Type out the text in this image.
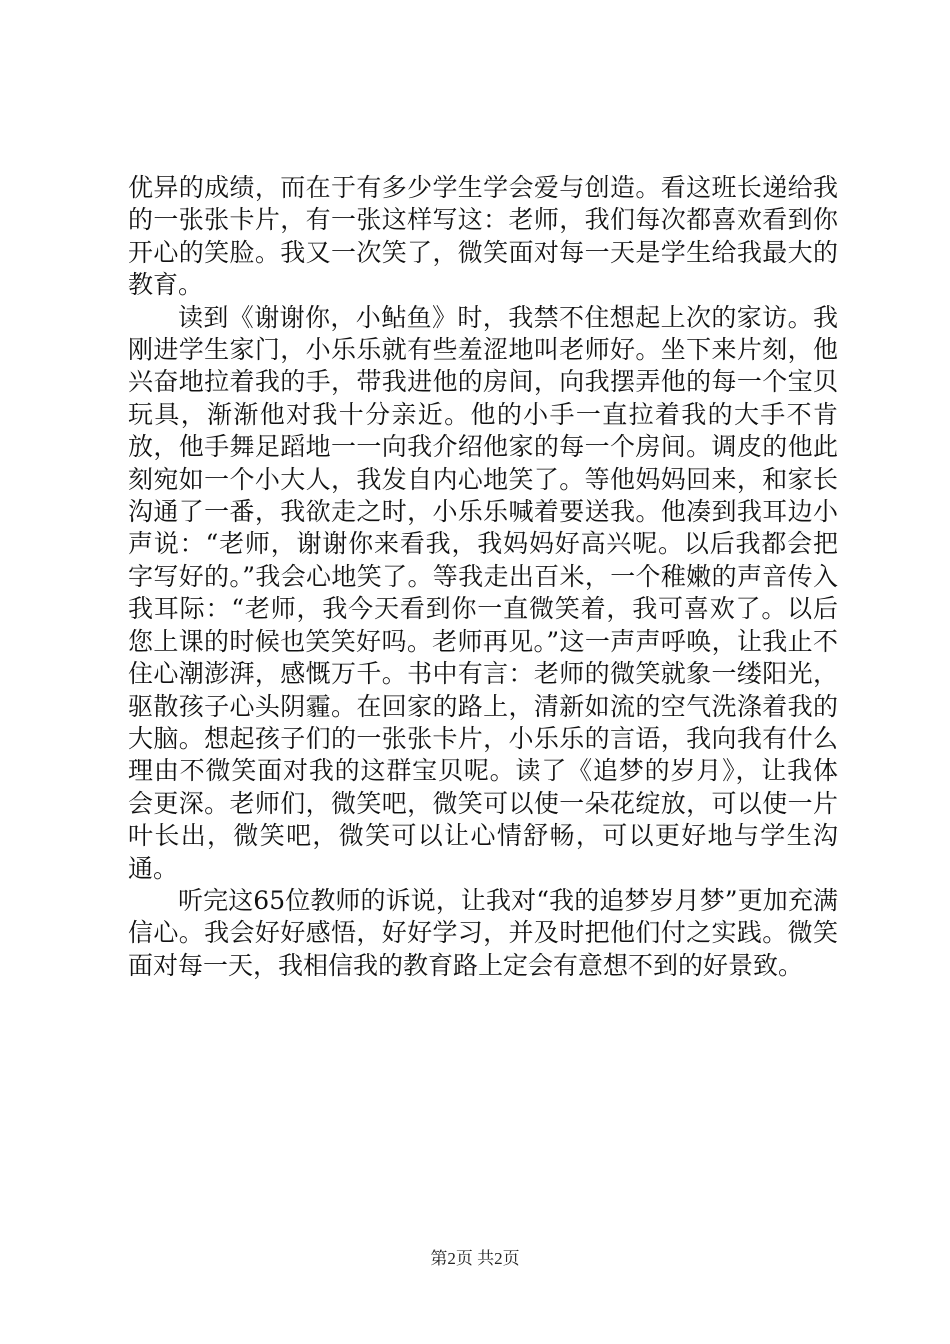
优异的成绩，而在于有多少学生学会爱与创造。看这班长递给我的一张张卡片，有一张这样写这：老师，我们每次都喜欢看到你开心的笑脸。我又一次笑了，微笑面对每一天是学生给我最大的教育。

读到《谢谢你，小鲇鱼》时，我禁不住想起上次的家访。我刚进学生家门，小乐乐就有些羞涩地叫老师好。坐下来片刻，他兴奋地拉着我的手，带我进他的房间，向我摆弄他的每一个宝贝玩具，渐渐他对我十分亲近。他的小手一直拉着我的大手不肯放，他手舞足蹈地一一向我介绍他家的每一个房间。调皮的他此刻宛如一个小大人，我发自内心地笑了。等他妈妈回来，和家长沟通了一番，我欲走之时，小乐乐喊着要送我。他凑到我耳边小声说：“老师，谢谢你来看我，我妈妈好高兴呢。以后我都会把字写好的。”我会心地笑了。等我走出百米，一个稚嫩的声音传入我耳际：“老师，我今天看到你一直微笑着，我可喜欢了。以后您上课的时候也笑笑好吗。老师再见。”这一声声呼唤，让我止不住心潮澎湃，感慨万千。书中有言：老师的微笑就象一缕阳光，驱散孩子心头阴霾。在回家的路上，清新如流的空气洗涤着我的大脑。想起孩子们的一张张卡片，小乐乐的言语，我向我有什么理由不微笑面对我的这群宝贝呢。读了《追梦的岁月》，让我体会更深。老师们，微笑吧，微笑可以使一朵花绽放，可以使一片叶长出，微笑吧，微笑可以让心情舒畅，可以更好地与学生沟通。

听完这65位教师的诉说，让我对“我的追梦岁月梦”更加充满信心。我会好好感悟，好好学习，并及时把他们付之实践。微笑面对每一天，我相信我的教育路上定会有意想不到的好景致。

第2页 共2页
